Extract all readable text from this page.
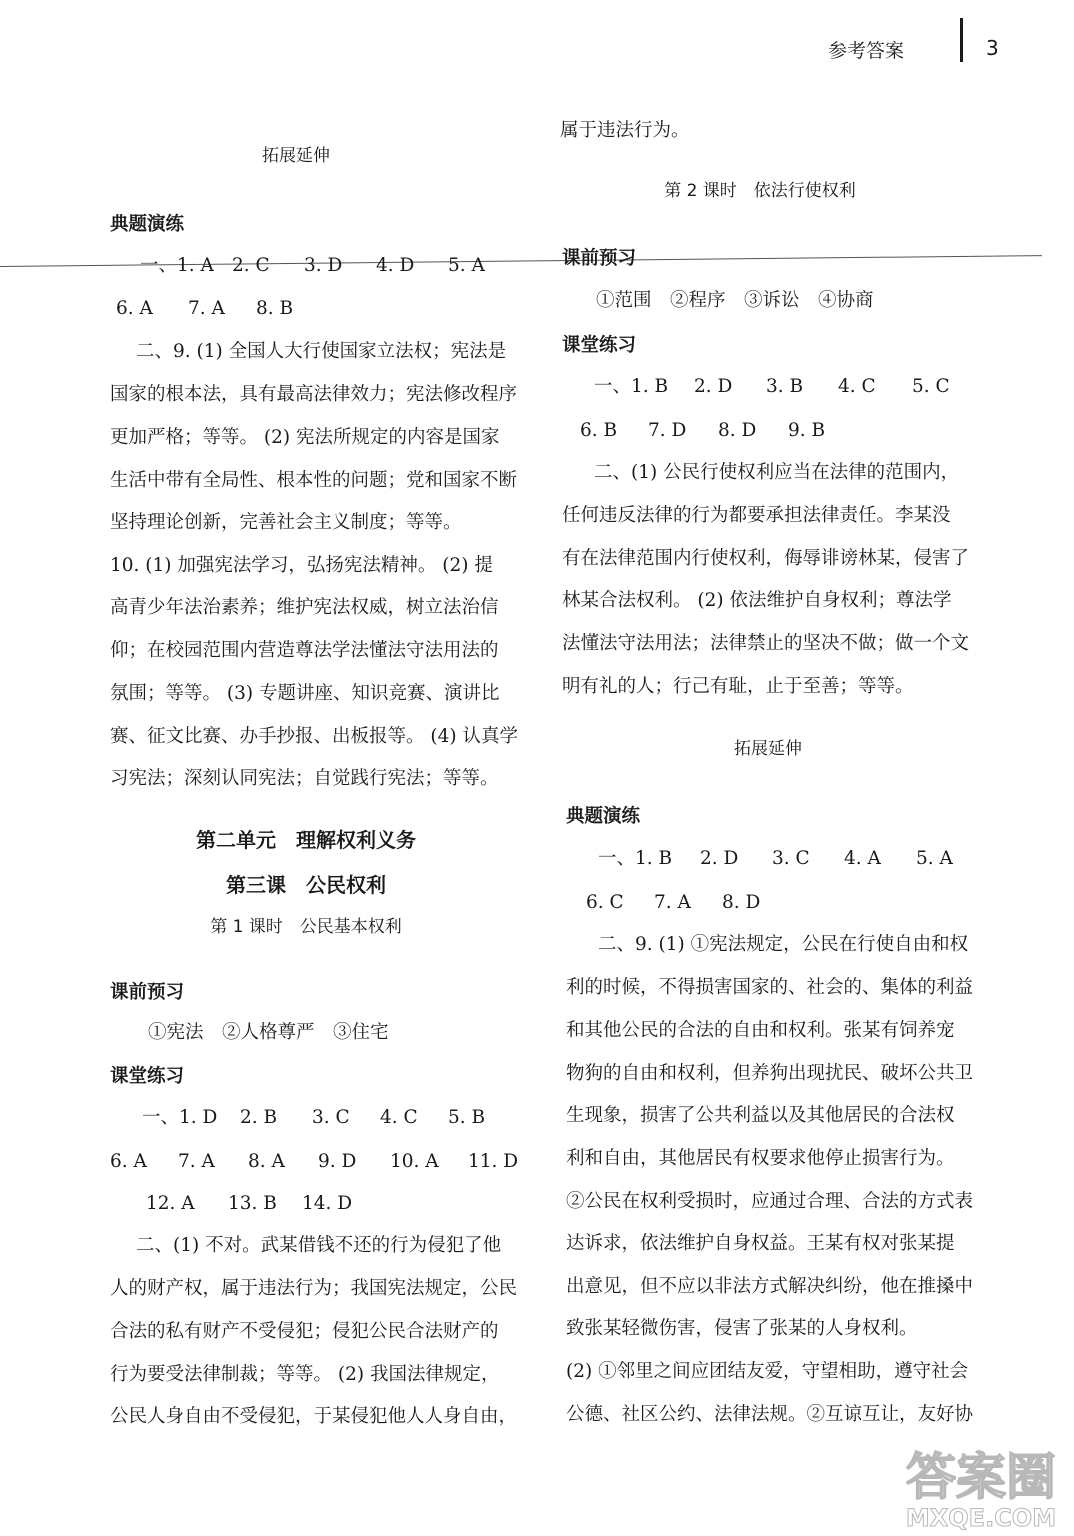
参考答案	3
拓展延伸
典题演练
一、1. A 2. C 3. D 4. D 5. A
6. A 7. A 8. B
二、9. (1) 全国人大行使国家立法权；宪法是
国家的根本法，具有最高法律效力；宪法修改程序
更加严格；等等。 (2) 宪法所规定的内容是国家
生活中带有全局性、根本性的问题；党和国家不断
坚持理论创新，完善社会主义制度；等等。
10. (1) 加强宪法学习，弘扬宪法精神。 (2) 提
高青少年法治素养；维护宪法权威，树立法治信
仰；在校园范围内营造尊法学法懂法守法用法的
氛围；等等。 (3) 专题讲座、知识竞赛、演讲比
赛、征文比赛、办手抄报、出板报等。 (4) 认真学
习宪法；深刻认同宪法；自觉践行宪法；等等。
第二单元　理解权利义务
第三课　公民权利
第 1 课时　公民基本权利
课前预习
①宪法　②人格尊严　③住宅
课堂练习
一、1. D 2. B 3. C 4. C 5. B
6. A 7. A 8. A 9. D 10. A 11. D
12. A 13. B 14. D
二、(1) 不对。武某借钱不还的行为侵犯了他
人的财产权，属于违法行为；我国宪法规定，公民
合法的私有财产不受侵犯；侵犯公民合法财产的
行为要受法律制裁；等等。 (2) 我国法律规定，
公民人身自由不受侵犯，于某侵犯他人人身自由，
属于违法行为。
第 2 课时　依法行使权利
课前预习
①范围　②程序　③诉讼　④协商
课堂练习
一、1. B 2. D 3. B 4. C 5. C
6. B 7. D 8. D 9. B
二、(1) 公民行使权利应当在法律的范围内，
任何违反法律的行为都要承担法律责任。李某没
有在法律范围内行使权利，侮辱诽谤林某，侵害了
林某合法权利。 (2) 依法维护自身权利；尊法学
法懂法守法用法；法律禁止的坚决不做；做一个文
明有礼的人；行己有耻，止于至善；等等。
拓展延伸
典题演练
一、1. B 2. D 3. C 4. A 5. A
6. C 7. A 8. D
二、9. (1) ①宪法规定，公民在行使自由和权
利的时候，不得损害国家的、社会的、集体的利益
和其他公民的合法的自由和权利。张某有饲养宠
物狗的自由和权利，但养狗出现扰民、破坏公共卫
生现象，损害了公共利益以及其他居民的合法权
利和自由，其他居民有权要求他停止损害行为。
②公民在权利受损时，应通过合理、合法的方式表
达诉求，依法维护自身权益。王某有权对张某提
出意见，但不应以非法方式解决纠纷，他在推搡中
致张某轻微伤害，侵害了张某的人身权利。
(2) ①邻里之间应团结友爱，守望相助，遵守社会
公德、社区公约、法律法规。②互谅互让，友好协
答案圈
MXQE.COM
